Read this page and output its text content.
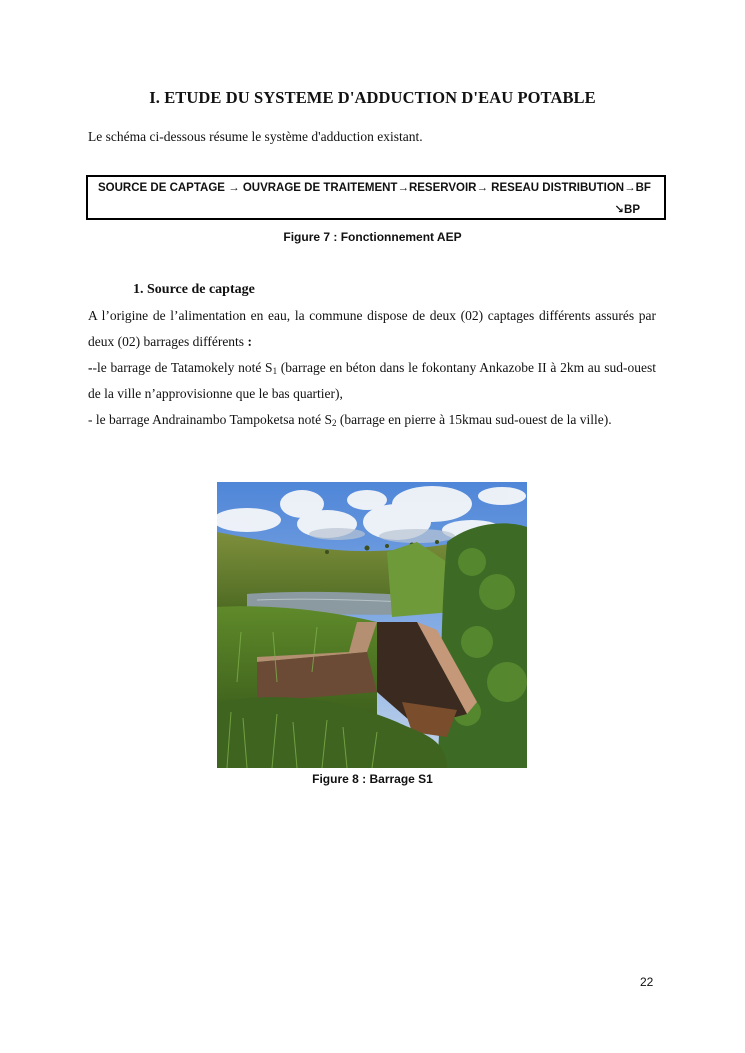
I. ETUDE DU SYSTEME D'ADDUCTION D'EAU POTABLE
Le schéma ci-dessous résume le système d'adduction existant.
SOURCE DE CAPTAGE → OUVRAGE DE TRAITEMENT→RESERVOIR→ RESEAU DISTRIBUTION→BF
↘BP
Figure 7 : Fonctionnement AEP
1. Source de captage
A l’origine de l’alimentation en eau, la commune dispose de deux (02) captages différents assurés par deux (02) barrages différents :
--le barrage de Tatamokely noté $S_1$ (barrage en béton dans le fokontany Ankazobe II à 2km au sud-ouest de la ville n’approvisionne que le bas quartier),
- le barrage Andrainambo Tampoketsa noté $S_2$ (barrage en pierre à 15kmau sud-ouest de la ville).
Figure 8 : Barrage S1
22
